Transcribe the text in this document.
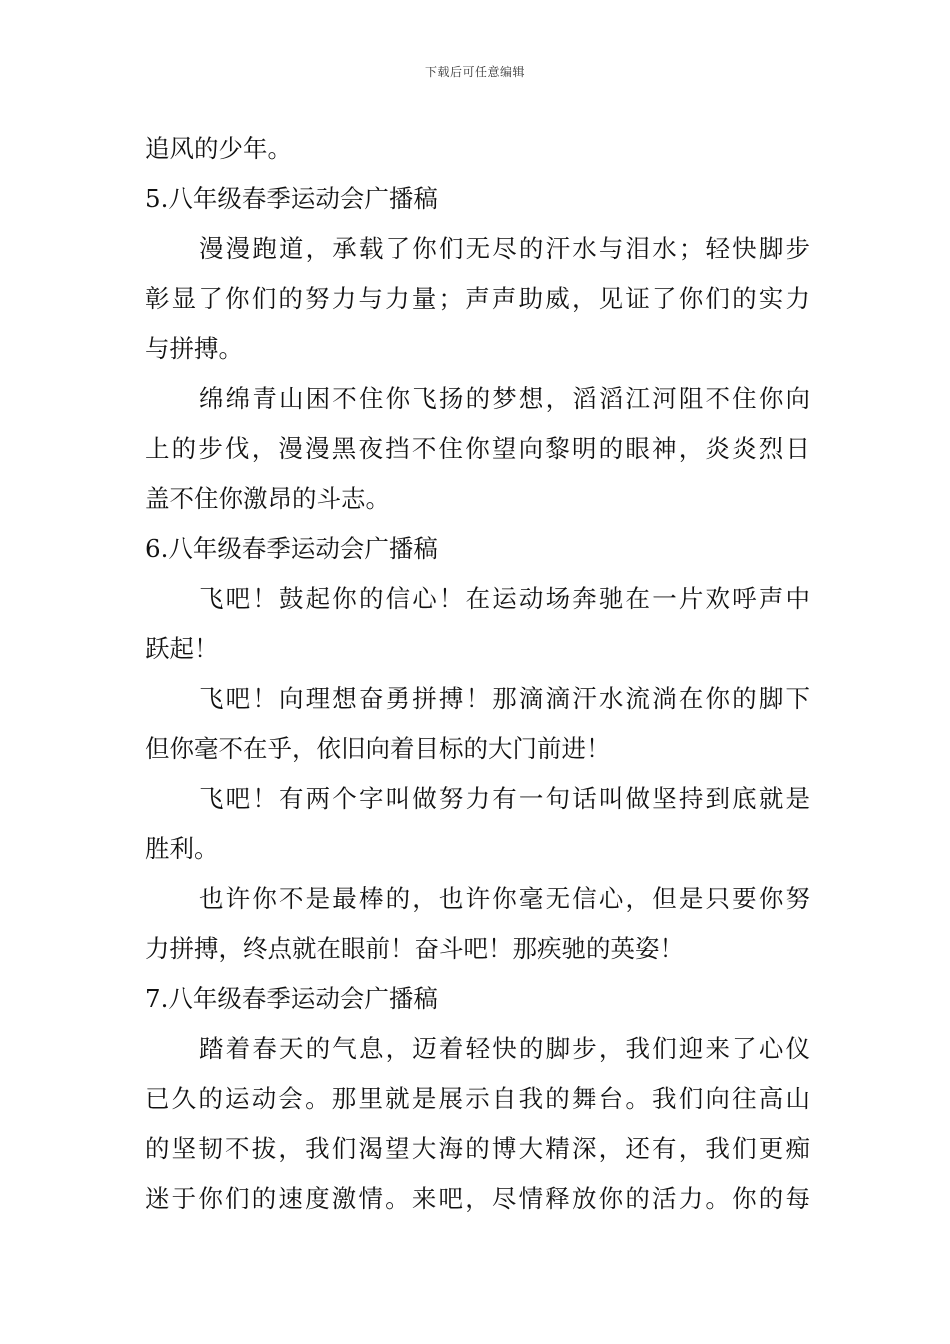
下载后可任意编辑
追风的少年。
5.八年级春季运动会广播稿
漫漫跑道，承载了你们无尽的汗水与泪水；轻快脚步
彰显了你们的努力与力量；声声助威，见证了你们的实力
与拼搏。
绵绵青山困不住你飞扬的梦想，滔滔江河阻不住你向
上的步伐，漫漫黑夜挡不住你望向黎明的眼神，炎炎烈日
盖不住你激昂的斗志。
6.八年级春季运动会广播稿
飞吧！鼓起你的信心！在运动场奔驰在一片欢呼声中
跃起！
飞吧！向理想奋勇拼搏！那滴滴汗水流淌在你的脚下
但你毫不在乎，依旧向着目标的大门前进！
飞吧！有两个字叫做努力有一句话叫做坚持到底就是
胜利。
也许你不是最棒的，也许你毫无信心，但是只要你努
力拼搏，终点就在眼前！奋斗吧！那疾驰的英姿！
7.八年级春季运动会广播稿
踏着春天的气息，迈着轻快的脚步，我们迎来了心仪
已久的运动会。那里就是展示自我的舞台。我们向往高山
的坚韧不拔，我们渴望大海的博大精深，还有，我们更痴
迷于你们的速度激情。来吧，尽情释放你的活力。你的每
